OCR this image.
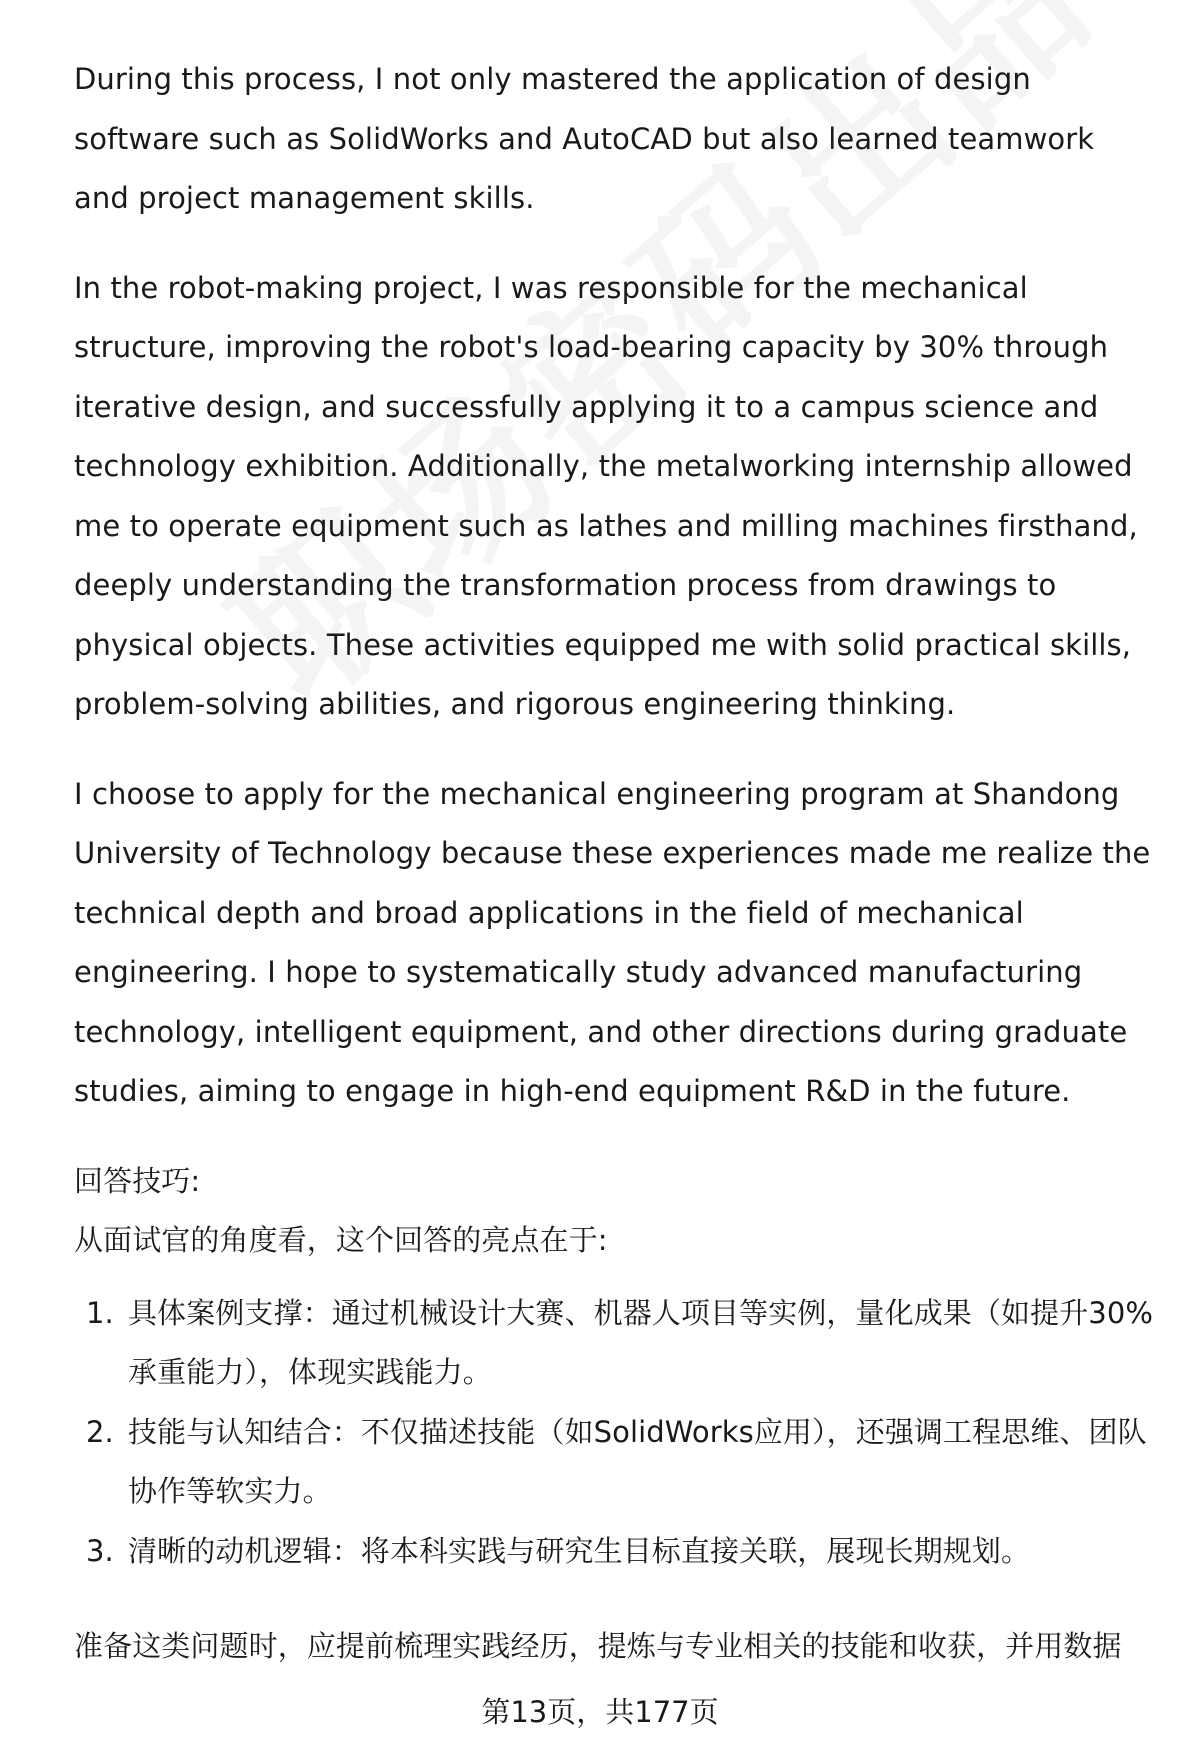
During this process, I not only mastered the application of design software such as SolidWorks and AutoCAD but also learned teamwork and project management skills.

In the robot-making project, I was responsible for the mechanical structure, improving the robot's load-bearing capacity by 30% through iterative design, and successfully applying it to a campus science and technology exhibition. Additionally, the metalworking internship allowed me to operate equipment such as lathes and milling machines firsthand, deeply understanding the transformation process from drawings to physical objects. These activities equipped me with solid practical skills, problem-solving abilities, and rigorous engineering thinking.

I choose to apply for the mechanical engineering program at Shandong University of Technology because these experiences made me realize the technical depth and broad applications in the field of mechanical engineering. I hope to systematically study advanced manufacturing technology, intelligent equipment, and other directions during graduate studies, aiming to engage in high-end equipment R&D in the future.

回答技巧:

从面试官的角度看，这个回答的亮点在于:

1. 具体案例支撑：通过机械设计大赛、机器人项目等实例，量化成果（如提升30%承重能力），体现实践能力。
2. 技能与认知结合：不仅描述技能（如SolidWorks应用），还强调工程思维、团队协作等软实力。
3. 清晰的动机逻辑：将本科实践与研究生目标直接关联，展现长期规划。

准备这类问题时，应提前梳理实践经历，提炼与专业相关的技能和收获，并用数据

第13页，共177页
